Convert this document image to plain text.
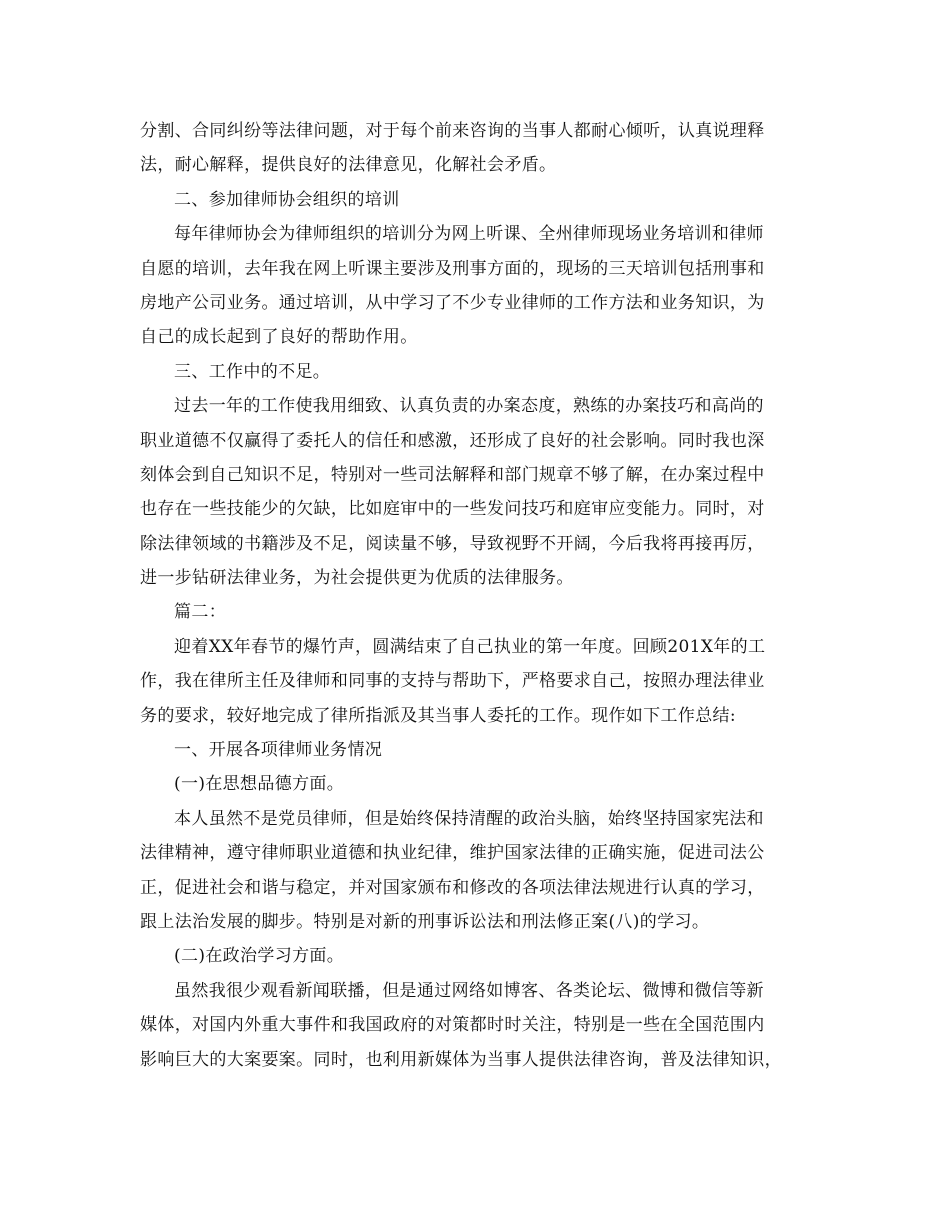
分割、合同纠纷等法律问题，对于每个前来咨询的当事人都耐心倾听，认真说理释
法，耐心解释，提供良好的法律意见，化解社会矛盾。
二、参加律师协会组织的培训
每年律师协会为律师组织的培训分为网上听课、全州律师现场业务培训和律师
自愿的培训，去年我在网上听课主要涉及刑事方面的，现场的三天培训包括刑事和
房地产公司业务。通过培训，从中学习了不少专业律师的工作方法和业务知识，为
自己的成长起到了良好的帮助作用。
三、工作中的不足。
过去一年的工作使我用细致、认真负责的办案态度，熟练的办案技巧和高尚的
职业道德不仅赢得了委托人的信任和感激，还形成了良好的社会影响。同时我也深
刻体会到自己知识不足，特别对一些司法解释和部门规章不够了解，在办案过程中
也存在一些技能少的欠缺，比如庭审中的一些发问技巧和庭审应变能力。同时，对
除法律领域的书籍涉及不足，阅读量不够，导致视野不开阔，今后我将再接再厉，
进一步钻研法律业务，为社会提供更为优质的法律服务。
篇二：
迎着XX年春节的爆竹声，圆满结束了自己执业的第一年度。回顾201X年的工
作，我在律所主任及律师和同事的支持与帮助下，严格要求自己，按照办理法律业
务的要求，较好地完成了律所指派及其当事人委托的工作。现作如下工作总结:
一、开展各项律师业务情况
(一)在思想品德方面。
本人虽然不是党员律师，但是始终保持清醒的政治头脑，始终坚持国家宪法和
法律精神，遵守律师职业道德和执业纪律，维护国家法律的正确实施，促进司法公
正，促进社会和谐与稳定，并对国家颁布和修改的各项法律法规进行认真的学习，
跟上法治发展的脚步。特别是对新的刑事诉讼法和刑法修正案(八)的学习。
(二)在政治学习方面。
虽然我很少观看新闻联播，但是通过网络如博客、各类论坛、微博和微信等新
媒体，对国内外重大事件和我国政府的对策都时时关注，特别是一些在全国范围内
影响巨大的大案要案。同时，也利用新媒体为当事人提供法律咨询，普及法律知识，
